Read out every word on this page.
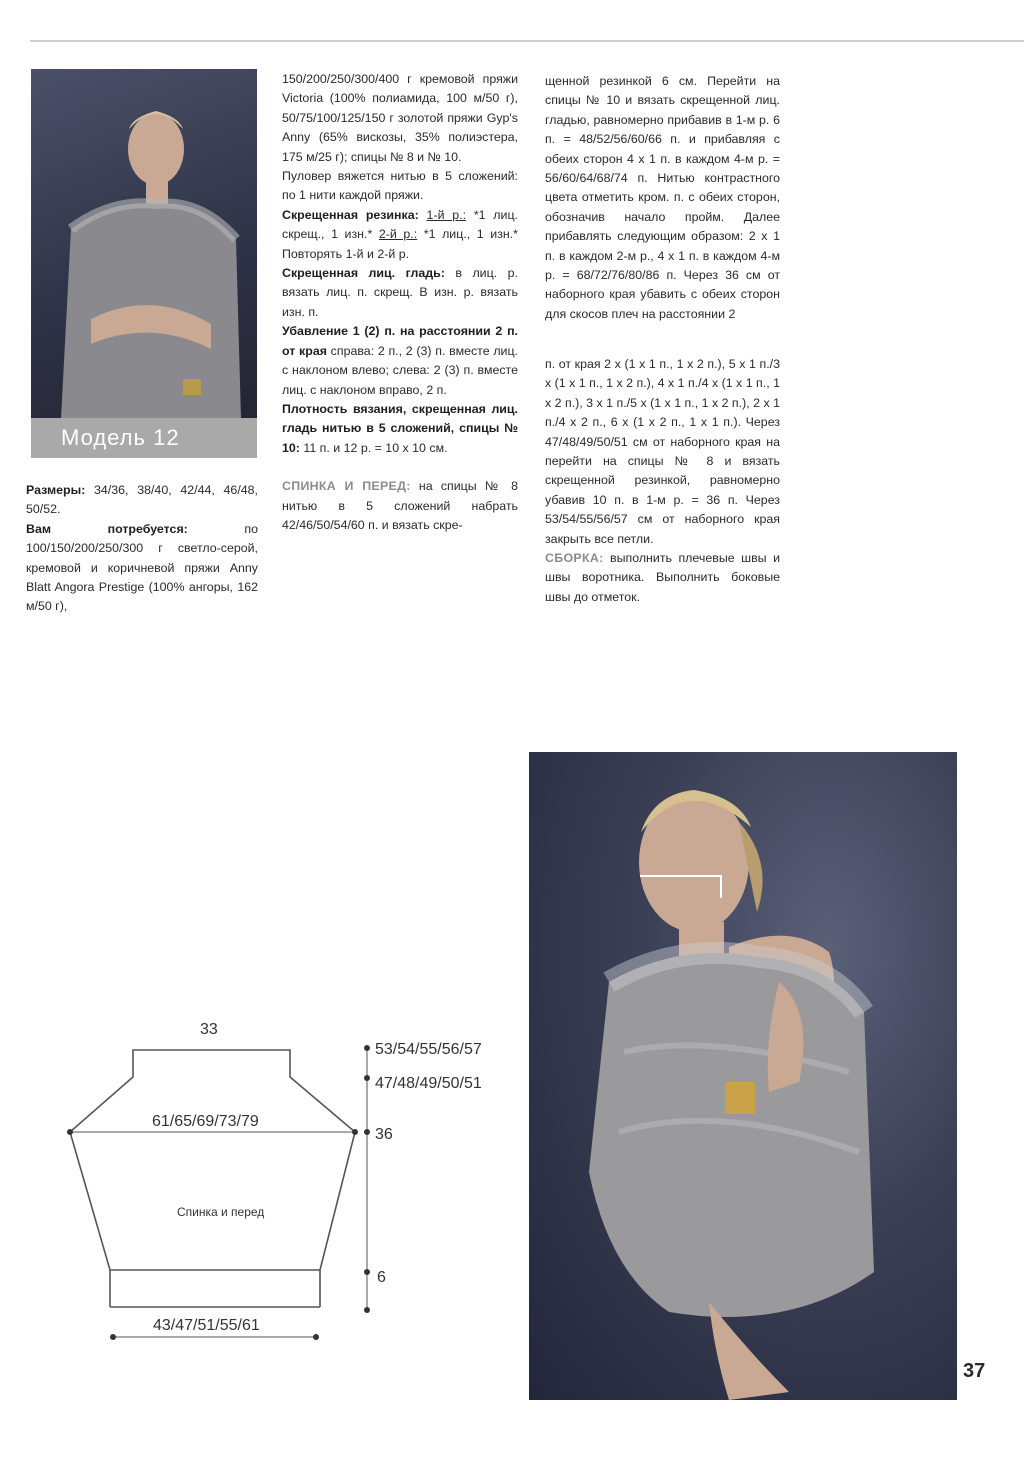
Модель 12

Размеры: 34/36, 38/40, 42/44, 46/48, 50/52.

Вам потребуется: по 100/150/200/250/300 г светло-серой, кремовой и коричневой пряжи Anny Blatt Angora Prestige (100% ангоры, 162 м/50 г),

150/200/250/300/400 г кремовой пряжи Victoria (100% полиамида, 100 м/50 г), 50/75/100/125/150 г золотой пряжи Gyp's Anny (65% вискозы, 35% полиэстера, 175 м/25 г); спицы № 8 и № 10.

Пуловер вяжется нитью в 5 сложений: по 1 нити каждой пряжи.

Скрещенная резинка: 1-й р.: *1 лиц. скрещ., 1 изн.* 2-й р.: *1 лиц., 1 изн.* Повторять 1-й и 2-й р.

Скрещенная лиц. гладь: в лиц. р. вязать лиц. п. скрещ. В изн. р. вязать изн. п.

Убавление 1 (2) п. на расстоянии 2 п. от края справа: 2 п., 2 (3) п. вместе лиц. с наклоном влево; слева: 2 (3) п. вместе лиц. с наклоном вправо, 2 п.

Плотность вязания, скрещенная лиц. гладь нитью в 5 сложений, спицы № 10: 11 п. и 12 р. = 10 х 10 см.

СПИНКА И ПЕРЕД: на спицы № 8 нитью в 5 сложений набрать 42/46/50/54/60 п. и вязать скре-

щенной резинкой 6 см. Перейти на спицы № 10 и вязать скрещенной лиц. гладью, равномерно прибавив в 1-м р. 6 п. = 48/52/56/60/66 п. и прибавляя с обеих сторон 4 х 1 п. в каждом 4-м р. = 56/60/64/68/74 п. Нитью контрастного цвета отметить кром. п. с обеих сторон, обозначив начало пройм. Далее прибавлять следующим образом: 2 х 1 п. в каждом 2-м р., 4 х 1 п. в каждом 4-м р. = 68/72/76/80/86 п. Через 36 см от наборного края убавить с обеих сторон для скосов плеч на расстоянии 2

п. от края 2 х (1 х 1 п., 1 х 2 п.), 5 х 1 п./3 х (1 х 1 п., 1 х 2 п.), 4 х 1 п./4 х (1 х 1 п., 1 х 2 п.), 3 х 1 п./5 х (1 х 1 п., 1 х 2 п.), 2 х 1 п./4 х 2 п., 6 х (1 х 2 п., 1 х 1 п.). Через 47/48/49/50/51 см от наборного края на перейти на спицы № 8 и вязать скрещенной резинкой, равномерно убавив 10 п. в 1-м р. = 36 п. Через 53/54/55/56/57 см от наборного края закрыть все петли.

СБОРКА: выполнить плечевые швы и швы воротника. Выполнить боковые швы до отметок.

33
61/65/69/73/79
43/47/51/55/61
Спинка и перед
53/54/55/56/57
47/48/49/50/51
36
6
37
